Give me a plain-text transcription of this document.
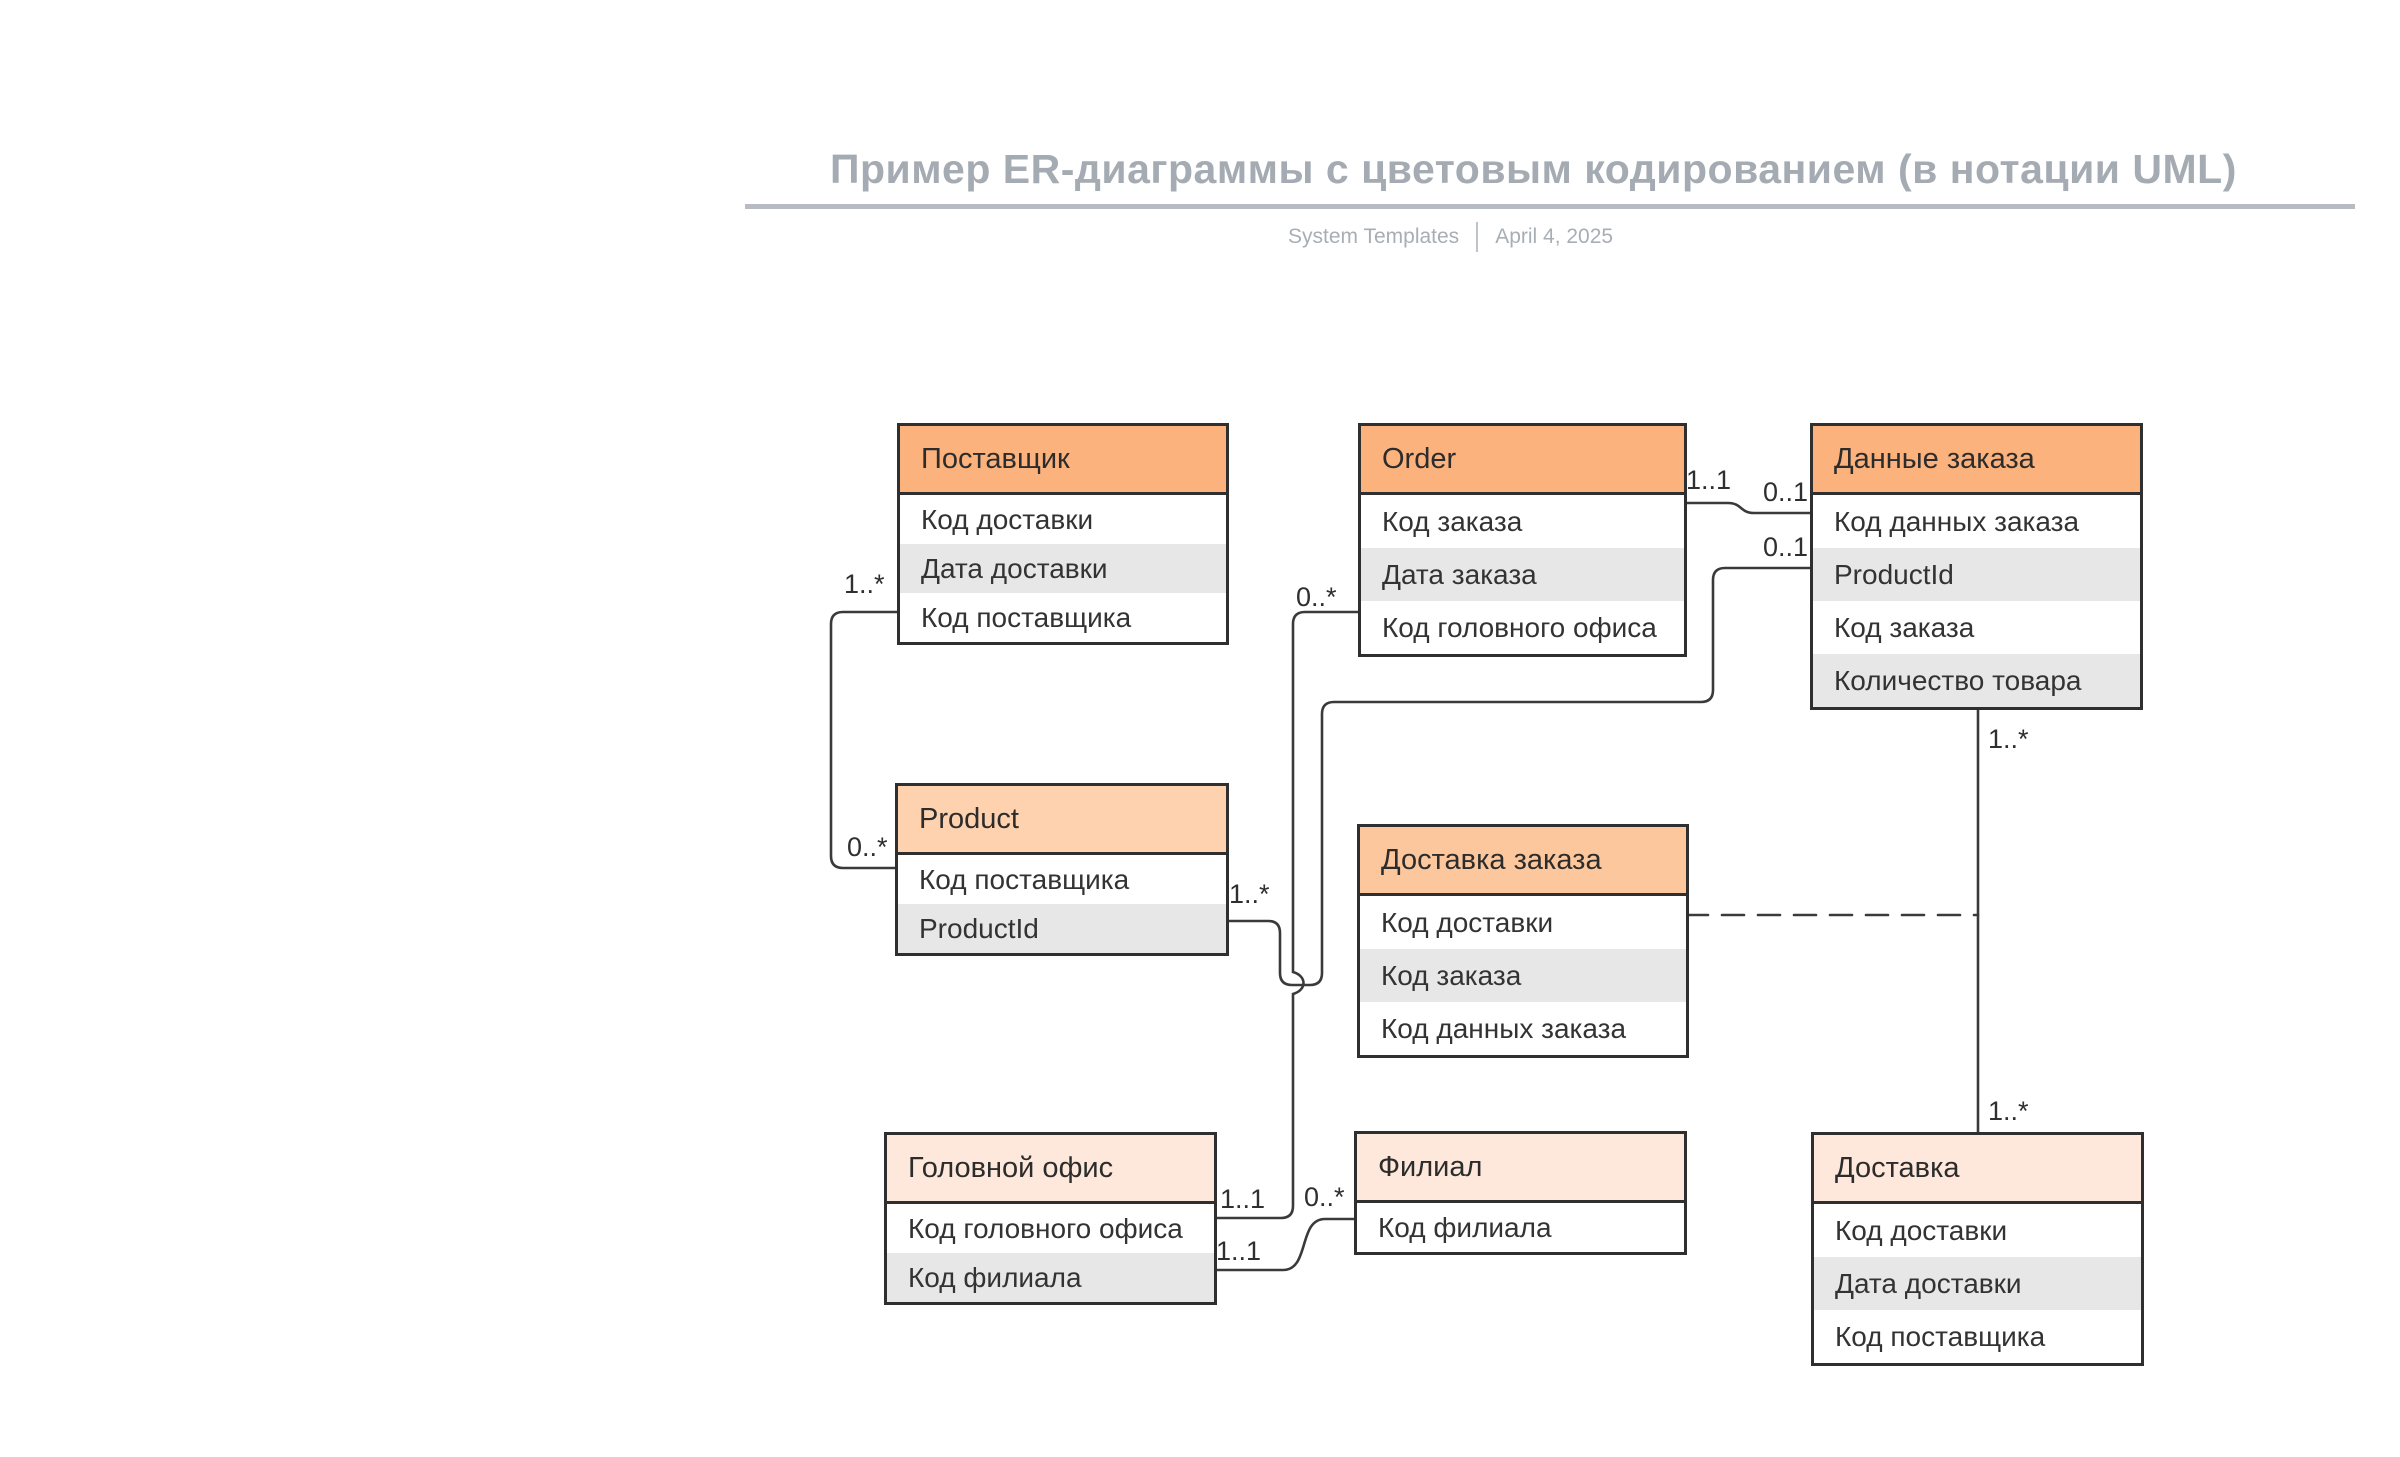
Пример ER-диаграммы с цветовым кодированием (в нотации UML)
System Templates April 4, 2025
Поставщик
Код доставки
Дата доставки
Код поставщика
Order
Код заказа
Дата заказа
Код головного офиса
Данные заказа
Код данных заказа
ProductId
Код заказа
Количество товара
Product
Код поставщика
ProductId
Доставка заказа
Код доставки
Код заказа
Код данных заказа
Головной офис
Код головного офиса
Код филиала
Филиал
Код филиала
Доставка
Код доставки
Дата доставки
Код поставщика
1..*
0..*
1..*
0..*
1..1 0..1
0..1
1..*
1..*
1..1
1..1
0..*
